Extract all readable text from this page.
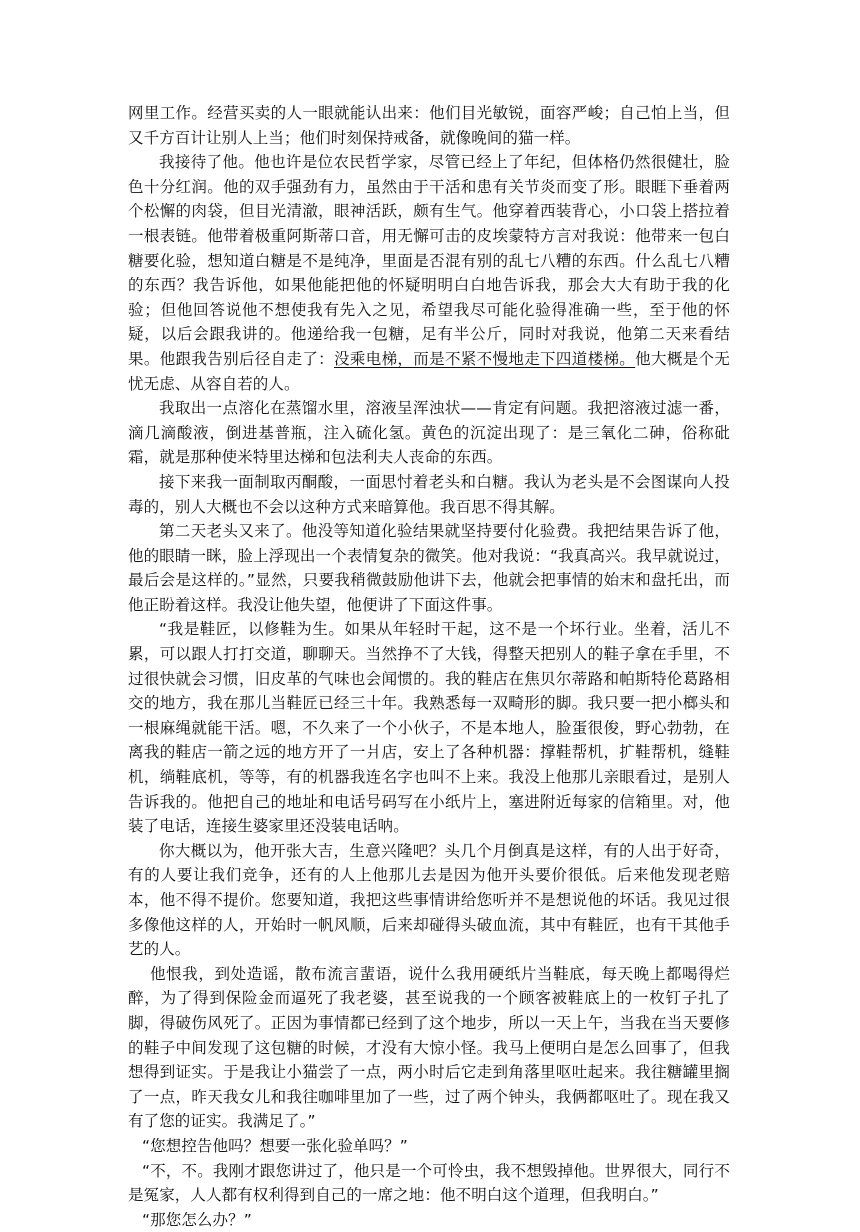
网里工作。经营买卖的人一眼就能认出来：他们目光敏锐，面容严峻；自己怕上当，但又千方百计让别人上当；他们时刻保持戒备，就像晚间的猫一样。

我接待了他。他也许是位农民哲学家，尽管已经上了年纪，但体格仍然很健壮，脸色十分红润。他的双手强劲有力，虽然由于干活和患有关节炎而变了形。眼睚下垂着两个松懈的肉袋，但目光清澈，眼神活跃，颇有生气。他穿着西装背心，小口袋上搭拉着一根表链。他带着极重阿斯蒂口音，用无懈可击的皮埃蒙特方言对我说：他带来一包白糖要化验，想知道白糖是不是纯净，里面是否混有别的乱七八糟的东西。什么乱七八糟的东西？我告诉他，如果他能把他的怀疑明明白白地告诉我，那会大大有助于我的化验；但他回答说他不想使我有先入之见，希望我尽可能化验得准确一些，至于他的怀疑，以后会跟我讲的。他递给我一包糖，足有半公斤，同时对我说，他第二天来看结果。他跟我告别后径自走了：没乘电梯，而是不紧不慢地走下四道楼梯。他大概是个无忧无虑、从容自若的人。

我取出一点溶化在蒸馏水里，溶液呈浑浊状——肯定有问题。我把溶液过滤一番，滴几滴酸液，倒进基普瓶，注入硫化氢。黄色的沉淀出现了：是三氧化二砷，俗称砒霜，就是那种使米特里达梯和包法利夫人丧命的东西。

接下来我一面制取丙酮酸，一面思忖着老头和白糖。我认为老头是不会图谋向人投毒的，别人大概也不会以这种方式来暗算他。我百思不得其解。

第二天老头又来了。他没等知道化验结果就坚持要付化验费。我把结果告诉了他，他的眼睛一眯，脸上浮现出一个表情复杂的微笑。他对我说：“我真高兴。我早就说过，最后会是这样的。”显然，只要我稍微鼓励他讲下去，他就会把事情的始末和盘托出，而他正盼着这样。我没让他失望，他便讲了下面这件事。

“我是鞋匠，以修鞋为生。如果从年轻时干起，这不是一个坏行业。坐着，活儿不累，可以跟人打打交道，聊聊天。当然挣不了大钱，得整天把别人的鞋子拿在手里，不过很快就会习惯，旧皮革的气味也会闻惯的。我的鞋店在焦贝尔蒂路和帕斯特伦葛路相交的地方，我在那儿当鞋匠已经三十年。我熟悉每一双畸形的脚。我只要一把小榔头和一根麻绳就能干活。嗯，不久来了一个小伙子，不是本地人，脸蛋很俊，野心勃勃，在离我的鞋店一箭之远的地方开了一爿店，安上了各种机器：撑鞋帮机，扩鞋帮机，缝鞋机，绱鞋底机，等等，有的机器我连名字也叫不上来。我没上他那儿亲眼看过，是别人告诉我的。他把自己的地址和电话号码写在小纸片上，塞进附近每家的信箱里。对，他装了电话，连接生婆家里还没装电话呐。

你大概以为，他开张大吉，生意兴隆吧？头几个月倒真是这样，有的人出于好奇，有的人要让我们竞争，还有的人上他那儿去是因为他开头要价很低。后来他发现老赔本，他不得不提价。您要知道，我把这些事情讲给您听并不是想说他的坏话。我见过很多像他这样的人，开始时一帆风顺，后来却碰得头破血流，其中有鞋匠，也有干其他手艺的人。

他恨我，到处造谣，散布流言蜚语，说什么我用硬纸片当鞋底，每天晚上都喝得烂醉，为了得到保险金而逼死了我老婆，甚至说我的一个顾客被鞋底上的一枚钉子扎了脚，得破伤风死了。正因为事情都已经到了这个地步，所以一天上午，当我在当天要修的鞋子中间发现了这包糖的时候，才没有大惊小怪。我马上便明白是怎么回事了，但我想得到证实。于是我让小猫尝了一点，两小时后它走到角落里呕吐起来。我往糖罐里搁了一点，昨天我女儿和我往咖啡里加了一些，过了两个钟头，我俩都呕吐了。现在我又有了您的证实。我满足了。”

“您想控告他吗？想要一张化验单吗？”

“不，不。我刚才跟您讲过了，他只是一个可怜虫，我不想毁掉他。世界很大，同行不是冤家，人人都有权利得到自己的一席之地：他不明白这个道理，但我明白。”

“那您怎么办？”
